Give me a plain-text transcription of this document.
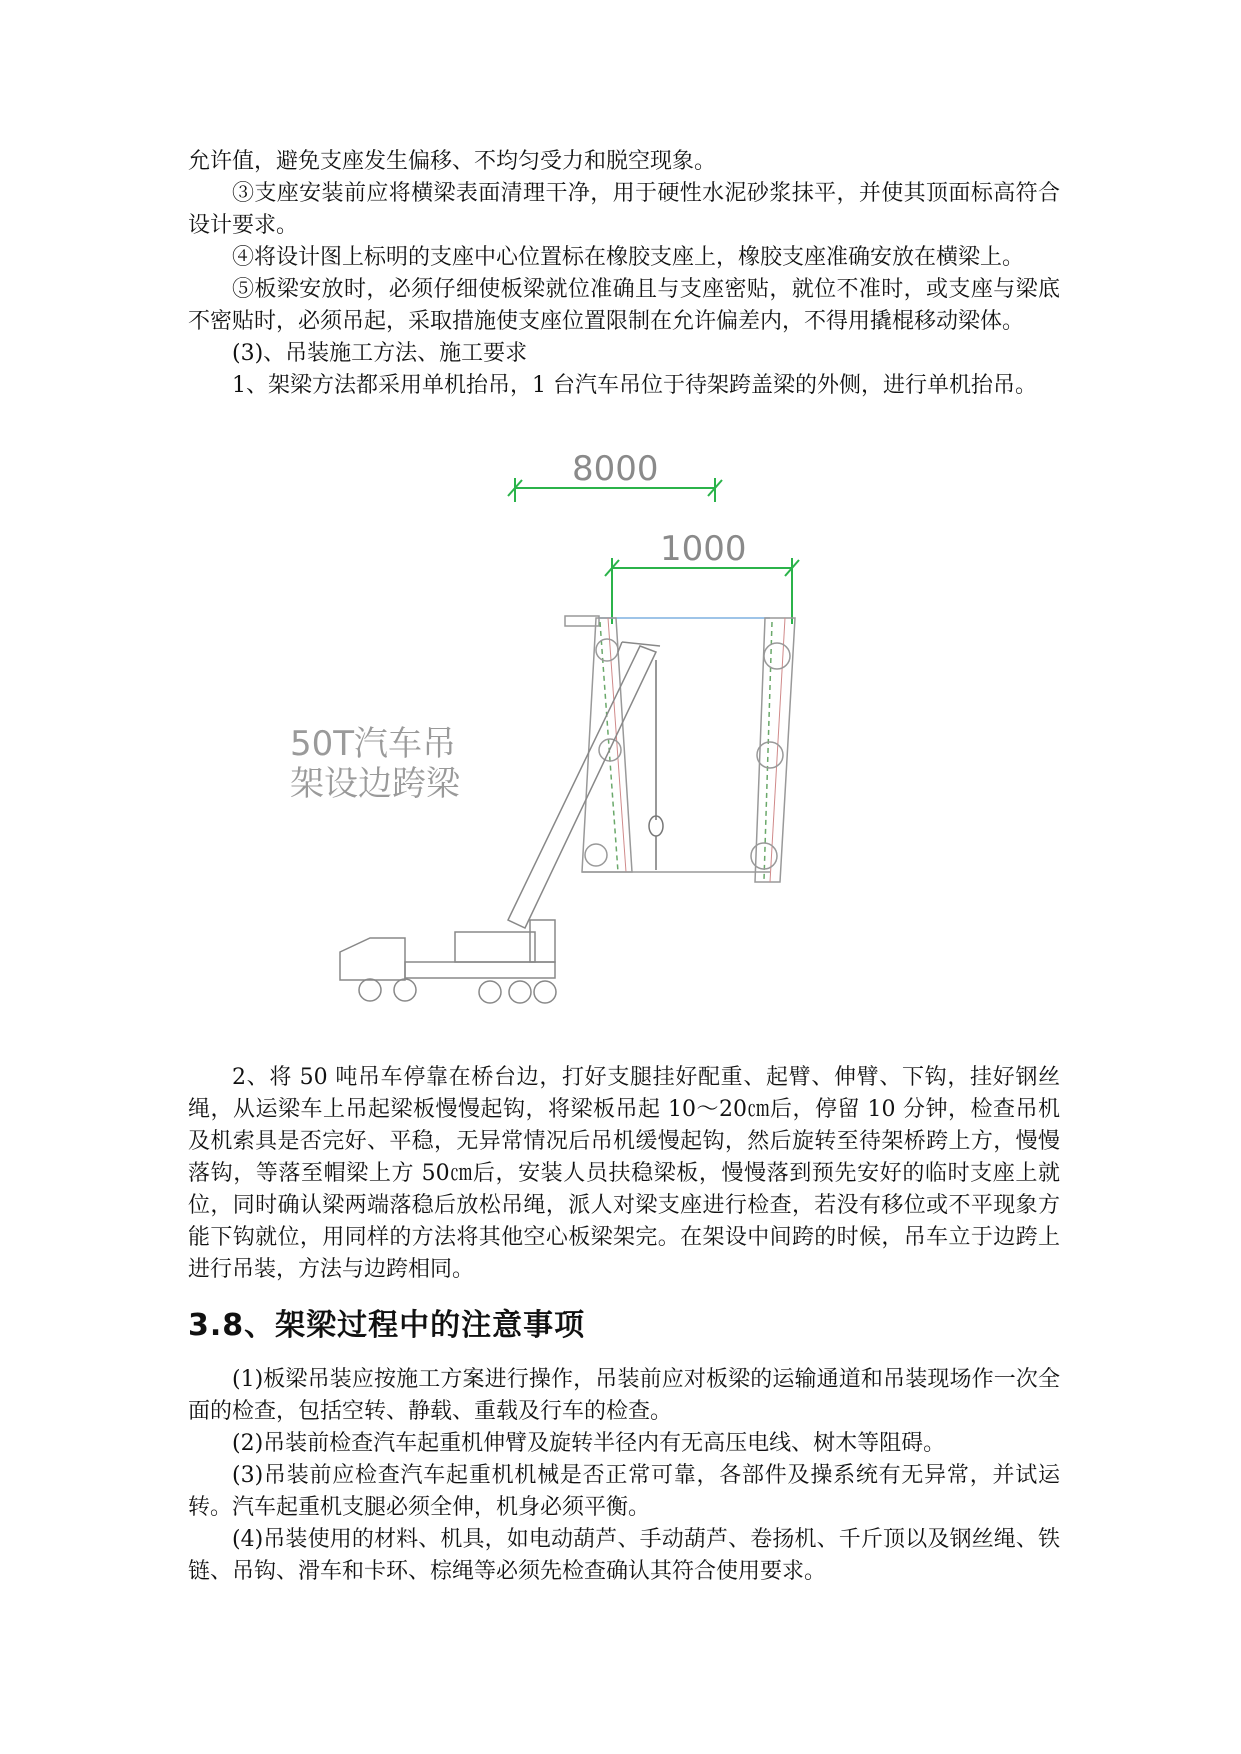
允许值，避免支座发生偏移、不均匀受力和脱空现象。

③支座安装前应将横梁表面清理干净，用于硬性水泥砂浆抹平，并使其顶面标高符合设计要求。

④将设计图上标明的支座中心位置标在橡胶支座上，橡胶支座准确安放在横梁上。

⑤板梁安放时，必须仔细使板梁就位准确且与支座密贴，就位不准时，或支座与梁底不密贴时，必须吊起，采取措施使支座位置限制在允许偏差内，不得用撬棍移动梁体。

(3)、吊装施工方法、施工要求

1、架梁方法都采用单机抬吊，1 台汽车吊位于待架跨盖梁的外侧，进行单机抬吊。

8000
1000
50T汽车吊
架设边跨梁

2、将 50 吨吊车停靠在桥台边，打好支腿挂好配重、起臂、伸臂、下钩，挂好钢丝绳，从运梁车上吊起梁板慢慢起钩，将梁板吊起 10～20㎝后，停留 10 分钟，检查吊机及机索具是否完好、平稳，无异常情况后吊机缓慢起钩，然后旋转至待架桥跨上方，慢慢落钩，等落至帽梁上方 50㎝后，安装人员扶稳梁板，慢慢落到预先安好的临时支座上就位，同时确认梁两端落稳后放松吊绳，派人对梁支座进行检查，若没有移位或不平现象方能下钩就位，用同样的方法将其他空心板梁架完。在架设中间跨的时候，吊车立于边跨上进行吊装，方法与边跨相同。

3.8、架梁过程中的注意事项

(1)板梁吊装应按施工方案进行操作，吊装前应对板梁的运输通道和吊装现场作一次全面的检查，包括空转、静载、重载及行车的检查。

(2)吊装前检查汽车起重机伸臂及旋转半径内有无高压电线、树木等阻碍。

(3)吊装前应检查汽车起重机机械是否正常可靠，各部件及操系统有无异常，并试运转。汽车起重机支腿必须全伸，机身必须平衡。

(4)吊装使用的材料、机具，如电动葫芦、手动葫芦、卷扬机、千斤顶以及钢丝绳、铁链、吊钩、滑车和卡环、棕绳等必须先检查确认其符合使用要求。
